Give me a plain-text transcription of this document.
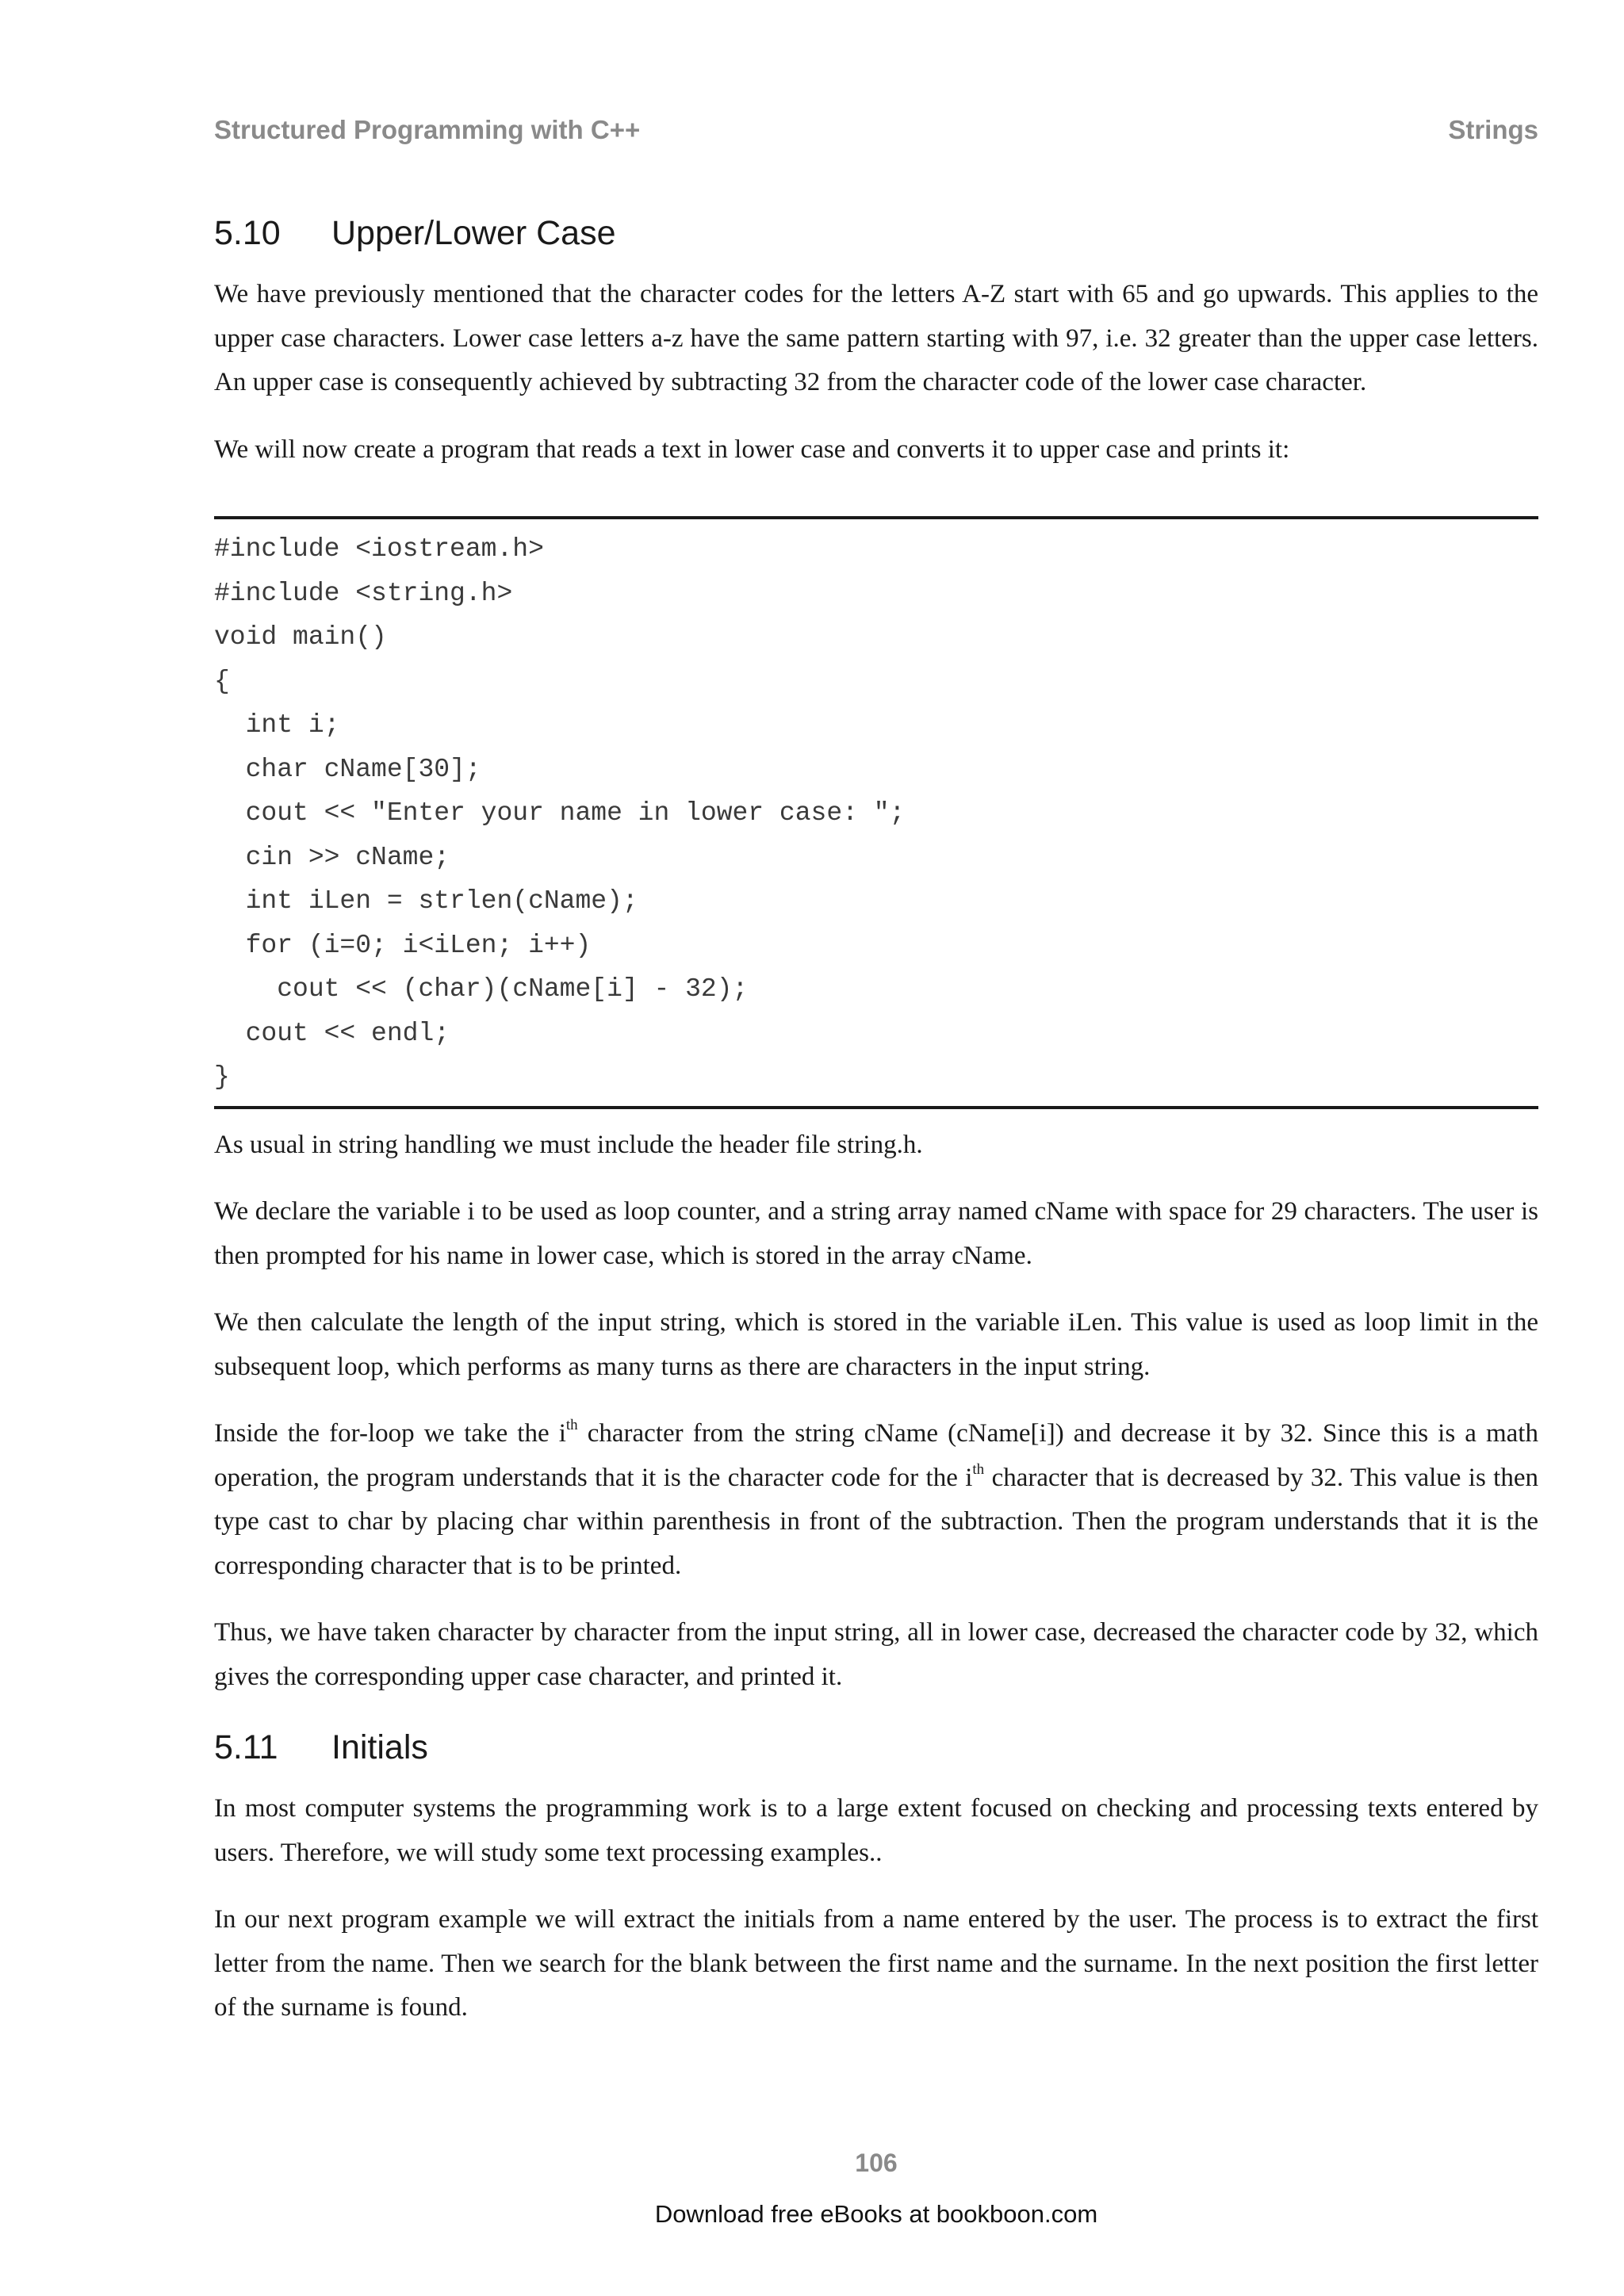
Structured Programming with C++	Strings
5.10	Upper/Lower Case

We have previously mentioned that the character codes for the letters A-Z start with 65 and go upwards. This applies to the upper case characters. Lower case letters a-z have the same pattern starting with 97, i.e. 32 greater than the upper case letters. An upper case is consequently achieved by subtracting 32 from the character code of the lower case character.

We will now create a program that reads a text in lower case and converts it to upper case and prints it:

#include <iostream.h>
#include <string.h>
void main()
{
int i;
char cName[30];
cout << "Enter your name in lower case: ";
cin >> cName;
int iLen = strlen(cName);
for (i=0; i<iLen; i++)
cout << (char)(cName[i] - 32);
cout << endl;
}

As usual in string handling we must include the header file string.h.

We declare the variable i to be used as loop counter, and a string array named cName with space for 29 characters. The user is then prompted for his name in lower case, which is stored in the array cName.

We then calculate the length of the input string, which is stored in the variable iLen. This value is used as loop limit in the subsequent loop, which performs as many turns as there are characters in the input string.

Inside the for-loop we take the $i^{th}$ character from the string cName (cName[i]) and decrease it by 32. Since this is a math operation, the program understands that it is the character code for the $i^{th}$ character that is decreased by 32. This value is then type cast to char by placing char within parenthesis in front of the subtraction. Then the program understands that it is the corresponding character that is to be printed.

Thus, we have taken character by character from the input string, all in lower case, decreased the character code by 32, which gives the corresponding upper case character, and printed it.

5.11	Initials

In most computer systems the programming work is to a large extent focused on checking and processing texts entered by users. Therefore, we will study some text processing examples..

In our next program example we will extract the initials from a name entered by the user. The process is to extract the first letter from the name. Then we search for the blank between the first name and the surname. In the next position the first letter of the surname is found.

106
Download free eBooks at bookboon.com
